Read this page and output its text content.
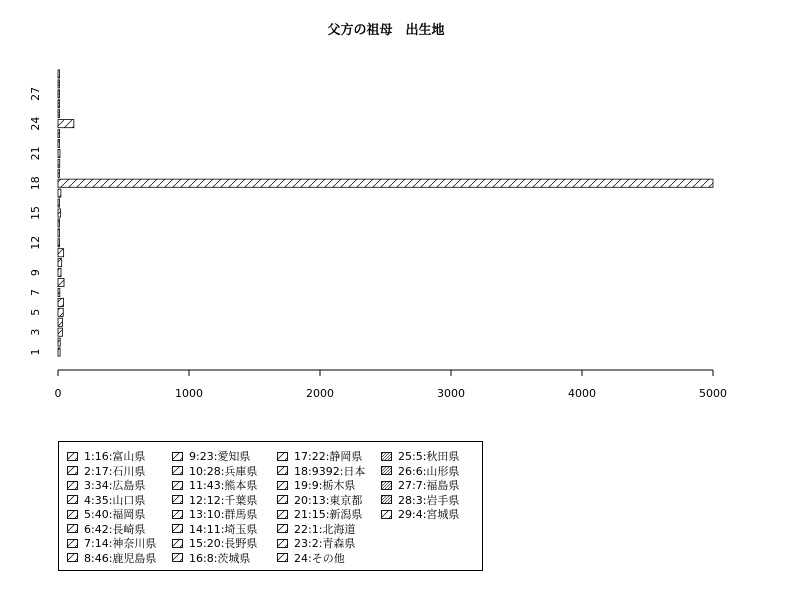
父方の祖母　出生地
0	1000	2000	3000	4000	5000
1
3
5
7
9
12
15
18
21
24
27
1:16:富山県
2:17:石川県
3:34:広島県
4:35:山口県
5:40:福岡県
6:42:長崎県
7:14:神奈川県
8:46:鹿児島県
9:23:愛知県
10:28:兵庫県
11:43:熊本県
12:12:千葉県
13:10:群馬県
14:11:埼玉県
15:20:長野県
16:8:茨城県
17:22:静岡県
18:9392:日本
19:9:栃木県
20:13:東京都
21:15:新潟県
22:1:北海道
23:2:青森県
24:その他
25:5:秋田県
26:6:山形県
27:7:福島県
28:3:岩手県
29:4:宮城県
